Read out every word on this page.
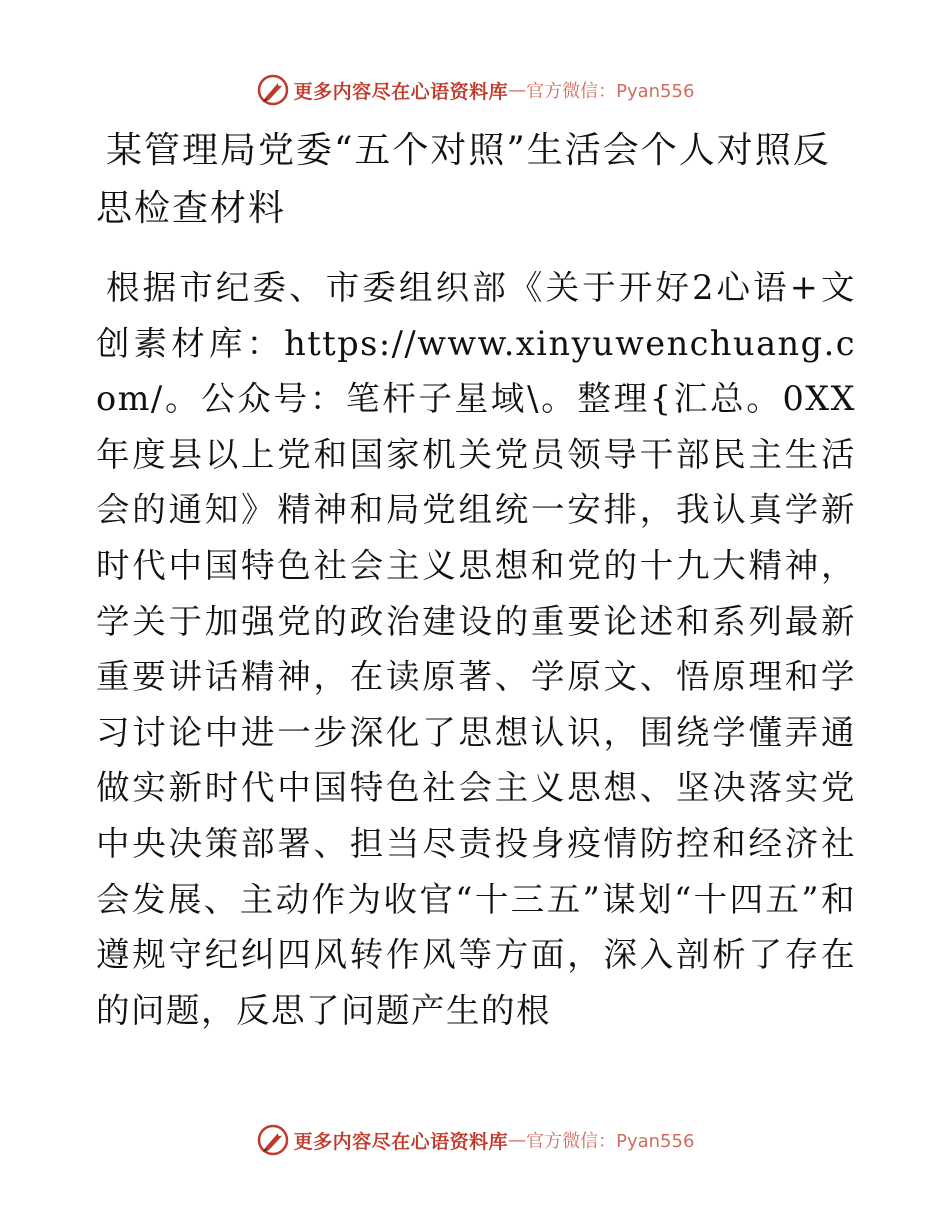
更多内容尽在心语资料库 — 官方微信：Pyan556
某管理局党委“五个对照”生活会个人对照反思检查材料

根据市纪委、市委组织部《关于开好2心语+文创素材库：https://www.xinyuwenchuang.com/。公众号：笔杆子星域\。整理{汇总。0XX年度县以上党和国家机关党员领导干部民主生活会的通知》精神和局党组统一安排，我认真学新时代中国特色社会主义思想和党的十九大精神，学关于加强党的政治建设的重要论述和系列最新重要讲话精神，在读原著、学原文、悟原理和学习讨论中进一步深化了思想认识，围绕学懂弄通做实新时代中国特色社会主义思想、坚决落实党中央决策部署、担当尽责投身疫情防控和经济社会发展、主动作为收官“十三五”谋划“十四五”和遵规守纪纠四风转作风等方面，深入剖析了存在的问题，反思了问题产生的根

更多内容尽在心语资料库 — 官方微信：Pyan556
